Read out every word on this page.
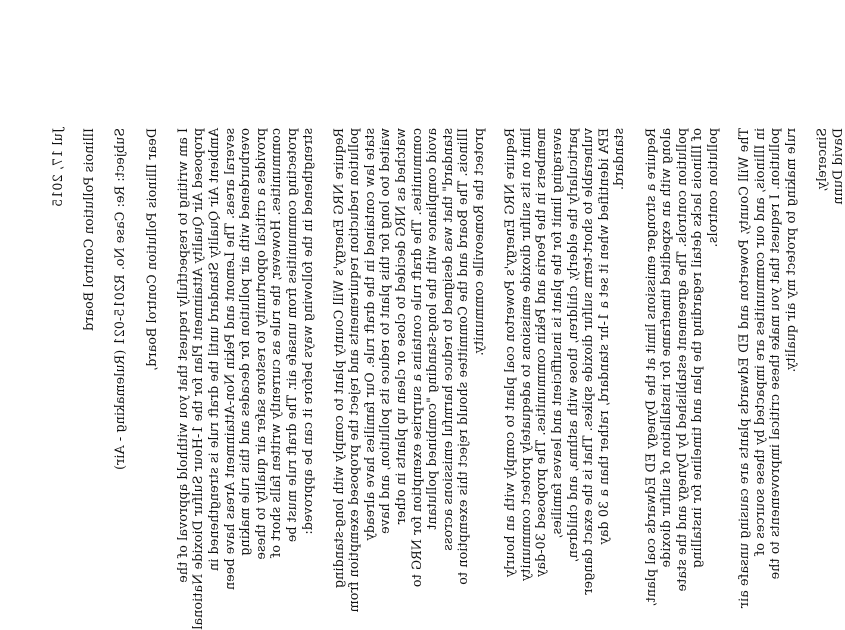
Jul 17, 2015 Illinois Pollution Control Board Subject: Re: Case No. R2015-021 (Rulemaking - Air) Dear Illinois Pollution Control Board, I am writing to respectfully request that you withhold approval of the proposed Air Quality Attainment Plan for the 1-Hour Sulfur Dioxide National Ambient Air Quality Standard until the draft rule is strengthened in several areas. The Lemont and Pekin Non-Attainment Areas have been overburdened with air pollution for decades and this rule making provides a critical opportunity to restore safer air quality to these communities. However, the rule as currently written falls short of protecting communities from unsafe air. The draft rule must be strengthened in the following ways before it can be approved: Require NRG Energy's Will County plant to comply with long-standing pollution reduction requirements and reject the proposed exemption from state law contained in the draft rule. Our families have already waited too long for this plant to reduce its pollution, and have watched as NRG decided to close or clean up plants in other communities. The draft rule contains a surprise exemption for NRG to avoid compliance with the long-standing "combined pollutant standard" that was designed to reduce harmful emissions across Illinois. The Board and the Committee should reject this exemption to protect the Romeoville community. Require NRG Energy's Powerton coal plant to comply with an hourly limit on its sulfur dioxide emissions to adequately protect community members in the Peoria and Pekin communities. The proposed 30-day averaging limit for the plant is insufficient and leaves families, particularly the elderly, children, those with asthma, and children, vulnerable to short-term sulfur dioxide spikes. That is the exact danger EPA identified when it set a 1-hr standard, rather than a 30 day standard. Require a stronger emissions limit at the Dynegy ED Edwards coal plant, along with an expedited timeframe for installation of sulfur dioxide pollution controls. The agreement established by Dynegy and the state of Illinois lacks detail regarding the plan and timeline for installing pollution controls. The Will County, Powerton and ED Edwards plants are causing unsafe air in Illinois, and our communities are impacted by these sources of pollution. I request that you make these critical improvements to the rule making to protect my air quality. Sincerely, David Dunn
